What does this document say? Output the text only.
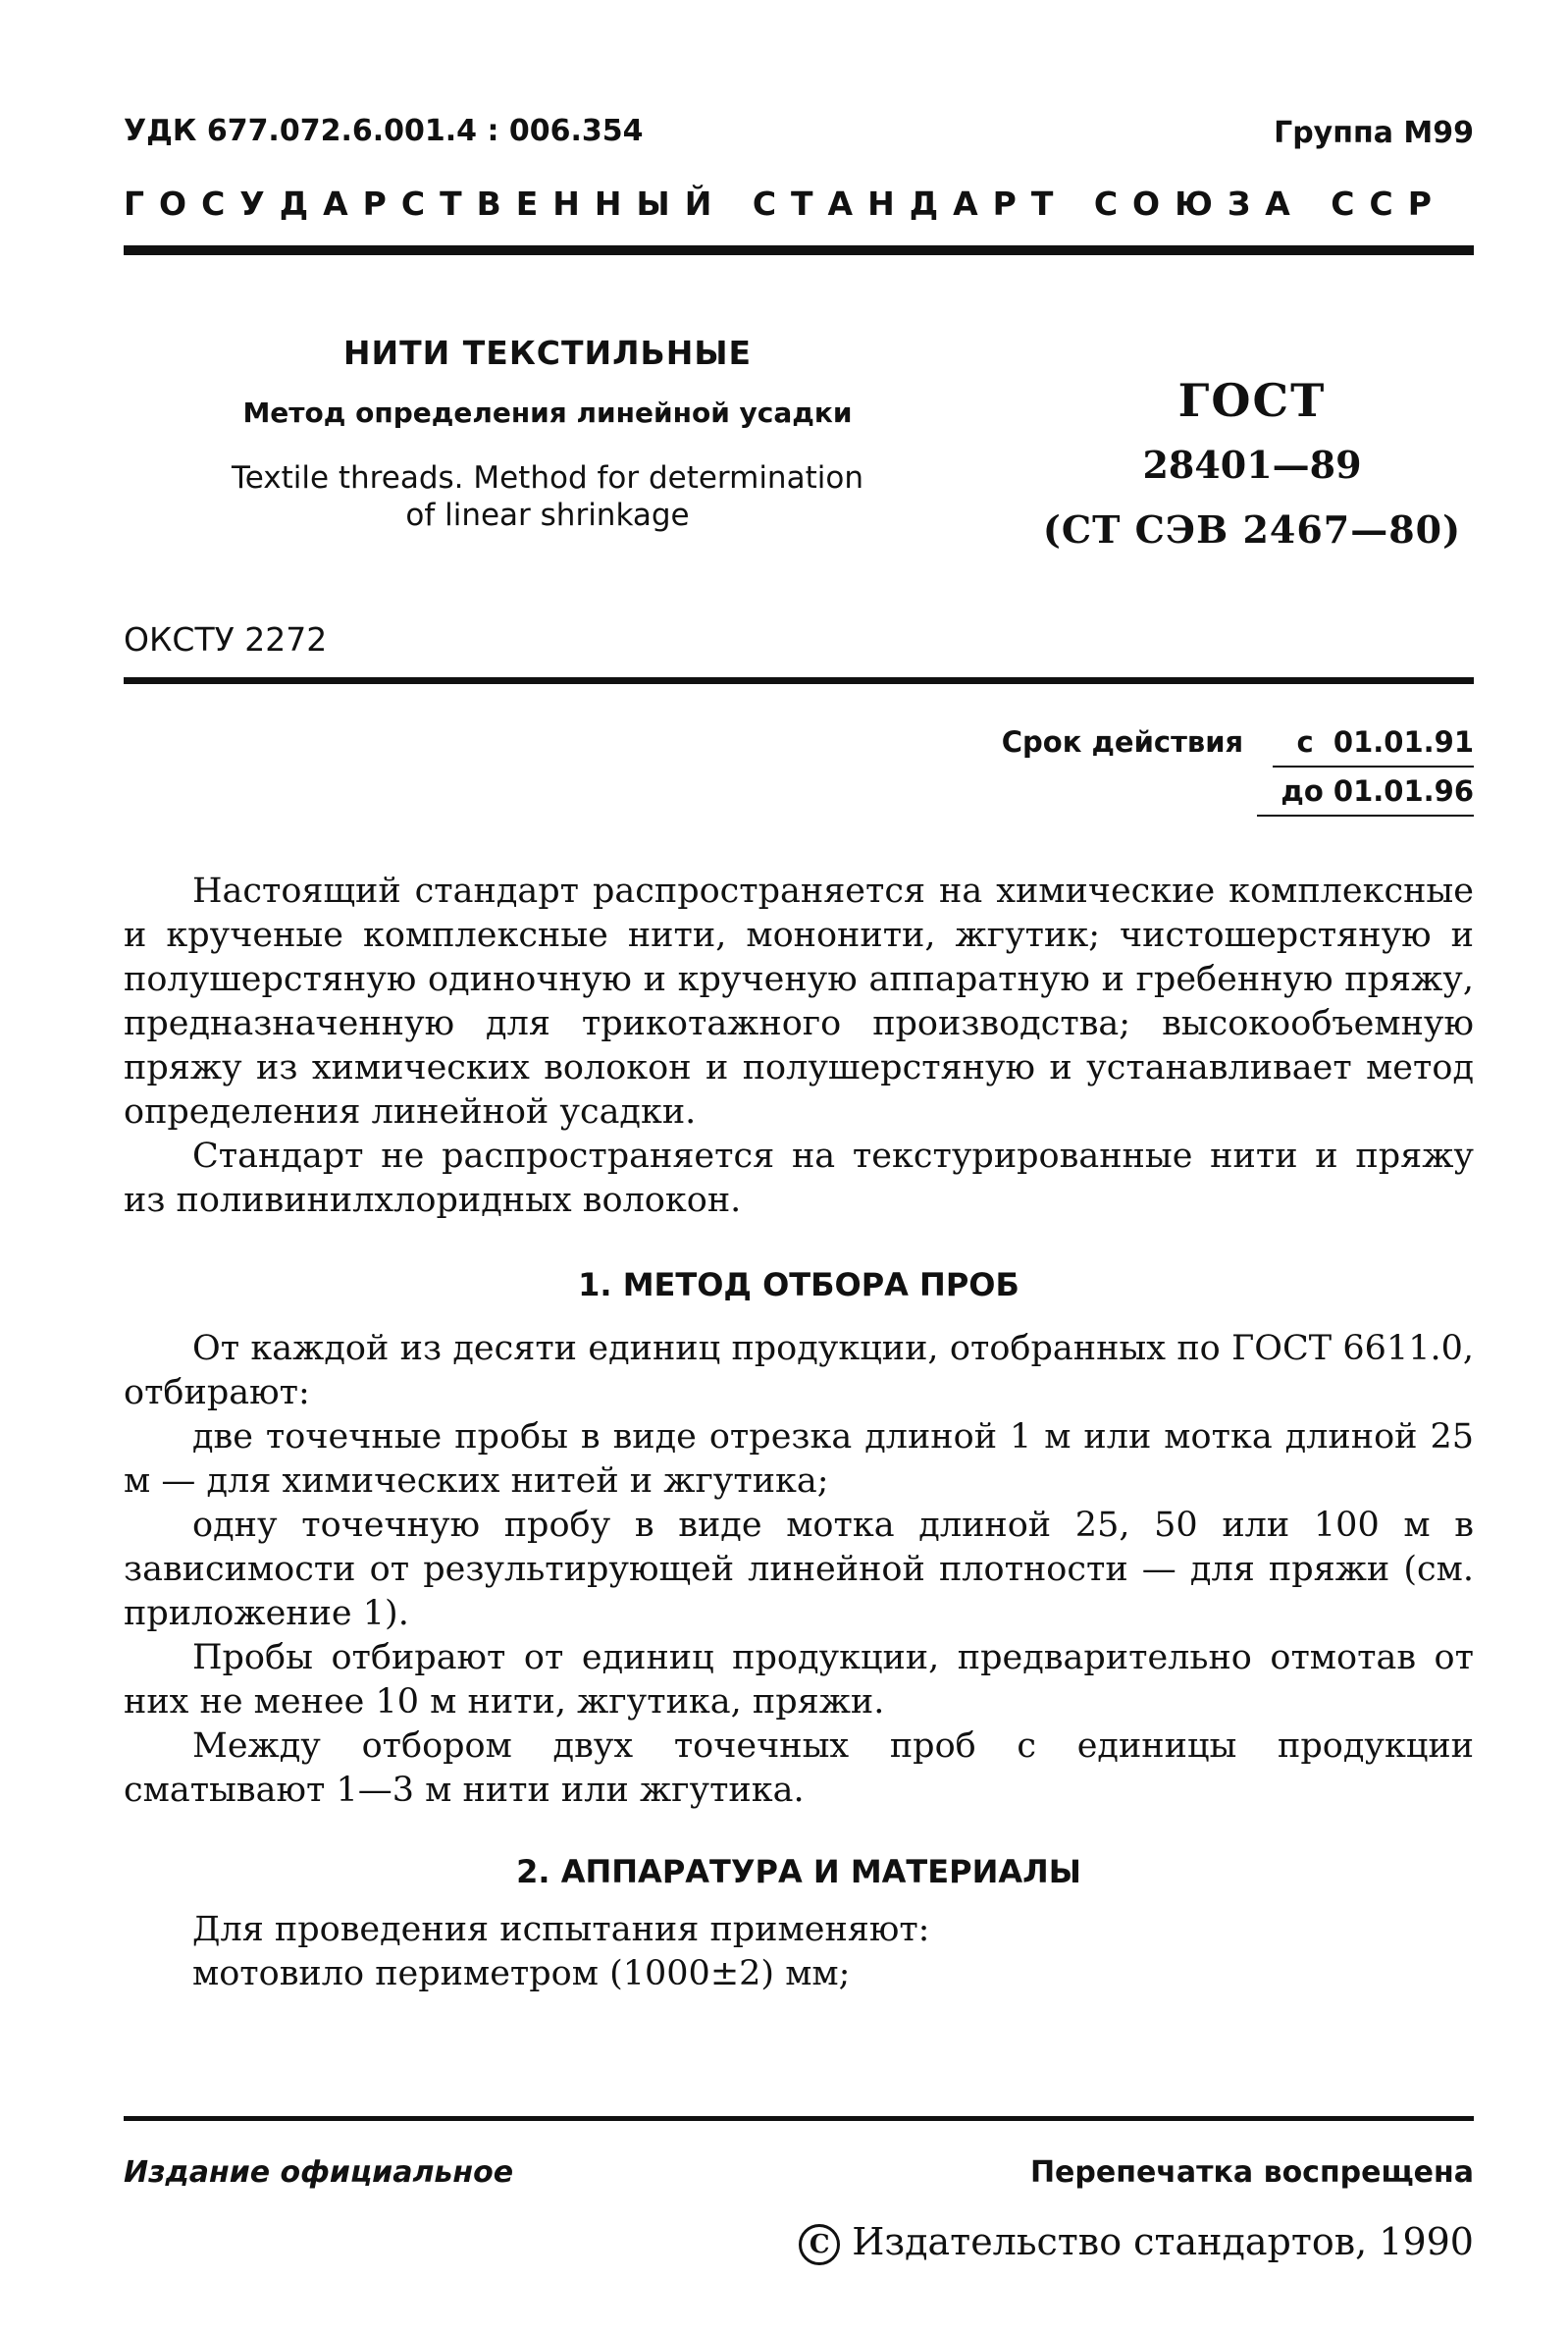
УДК 677.072.6.001.4 : 006.354	Группа М99
ГОСУДАРСТВЕННЫЙ СТАНДАРТ СОЮЗА ССР
НИТИ ТЕКСТИЛЬНЫЕ
Метод определения линейной усадки
Textile threads. Method for determination
of linear shrinkage
ГОСТ
28401—89
(СТ СЭВ 2467—80)
ОКСТУ 2272
Срок действия с 01.01.91
до 01.01.96

Настоящий стандарт распространяется на химические комплексные и крученые комплексные нити, мононити, жгутик; чистошерстяную и полушерстяную одиночную и крученую аппаратную и гребенную пряжу, предназначенную для трикотажного производства; высокообъемную пряжу из химических волокон и полушерстяную и устанавливает метод определения линейной усадки.

Стандарт не распространяется на текстурированные нити и пряжу из поливинилхлоридных волокон.

1. МЕТОД ОТБОРА ПРОБ

От каждой из десяти единиц продукции, отобранных по ГОСТ 6611.0, отбирают:

две точечные пробы в виде отрезка длиной 1 м или мотка длиной 25 м — для химических нитей и жгутика;

одну точечную пробу в виде мотка длиной 25, 50 или 100 м в зависимости от результирующей линейной плотности — для пряжи (см. приложение 1).

Пробы отбирают от единиц продукции, предварительно отмотав от них не менее 10 м нити, жгутика, пряжи.

Между отбором двух точечных проб с единицы продукции сматывают 1—3 м нити или жгутика.

2. АППАРАТУРА И МАТЕРИАЛЫ

Для проведения испытания применяют:

мотовило периметром (1000±2) мм;

Издание официальное	Перепечатка воспрещена
C Издательство стандартов, 1990
